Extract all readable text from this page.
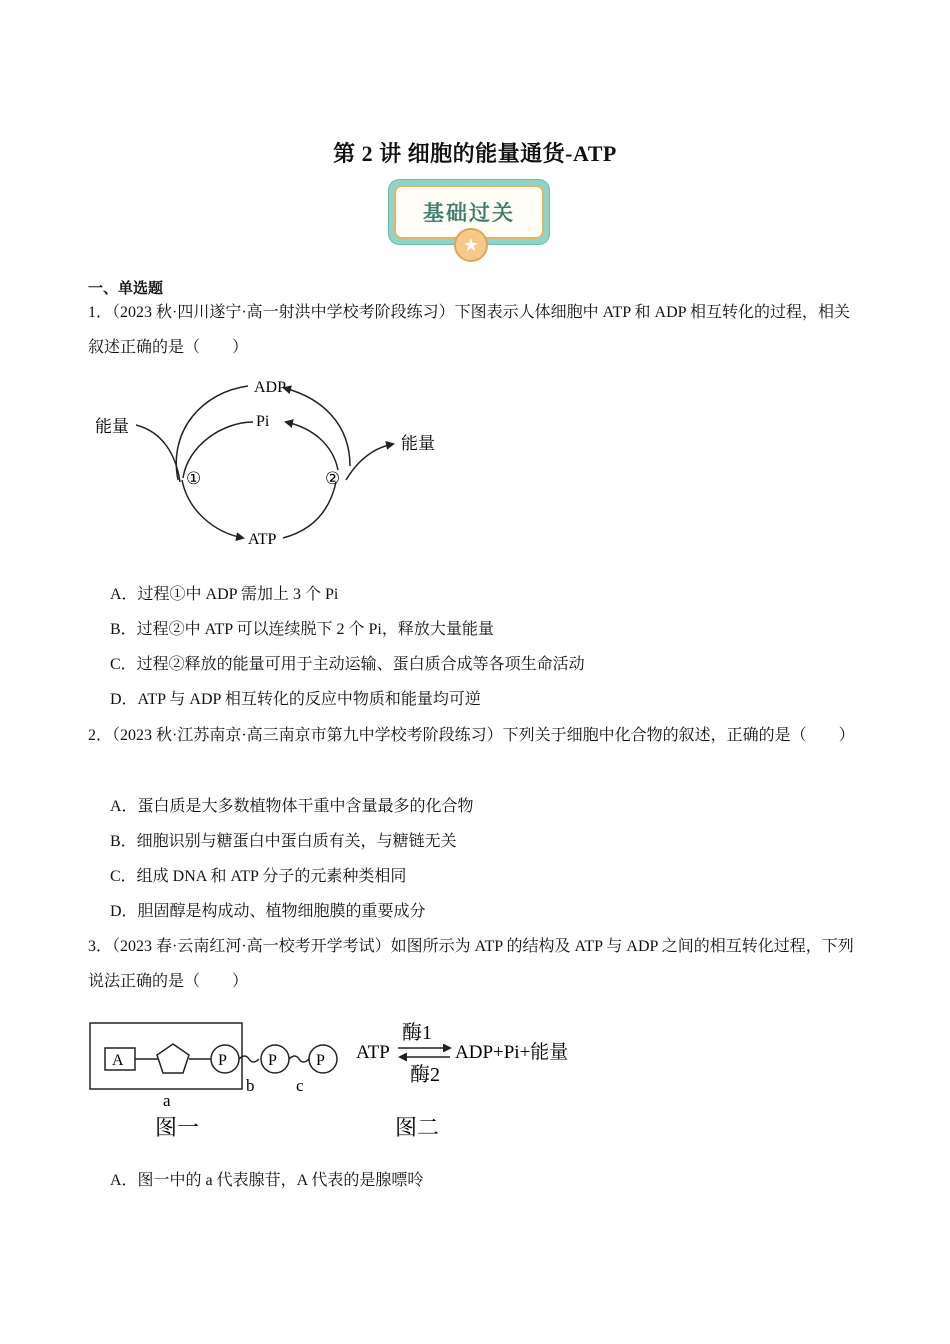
第 2 讲 细胞的能量通货-ATP
基础过关
★
一、单选题
1．（2023 秋·四川遂宁·高一射洪中学校考阶段练习）下图表示人体细胞中 ATP 和 ADP 相互转化的过程，相关叙述正确的是（　　）
ADP
Pi
ATP
能量
能量
①	②
A．过程①中 ADP 需加上 3 个 Pi
B．过程②中 ATP 可以连续脱下 2 个 Pi，释放大量能量
C．过程②释放的能量可用于主动运输、蛋白质合成等各项生命活动
D．ATP 与 ADP 相互转化的反应中物质和能量均可逆
2．（2023 秋·江苏南京·高三南京市第九中学校考阶段练习）下列关于细胞中化合物的叙述，正确的是（　　）
A．蛋白质是大多数植物体干重中含量最多的化合物
B．细胞识别与糖蛋白中蛋白质有关，与糖链无关
C．组成 DNA 和 ATP 分子的元素种类相同
D．胆固醇是构成动、植物细胞膜的重要成分
3．（2023 春·云南红河·高一校考开学考试）如图所示为 ATP 的结构及 ATP 与 ADP 之间的相互转化过程，下列说法正确的是（　　）
A	P	P P
a
b c
图一	图二
ATP
酶1
酶2
ADP+Pi+能量
A．图一中的 a 代表腺苷，A 代表的是腺嘌呤
